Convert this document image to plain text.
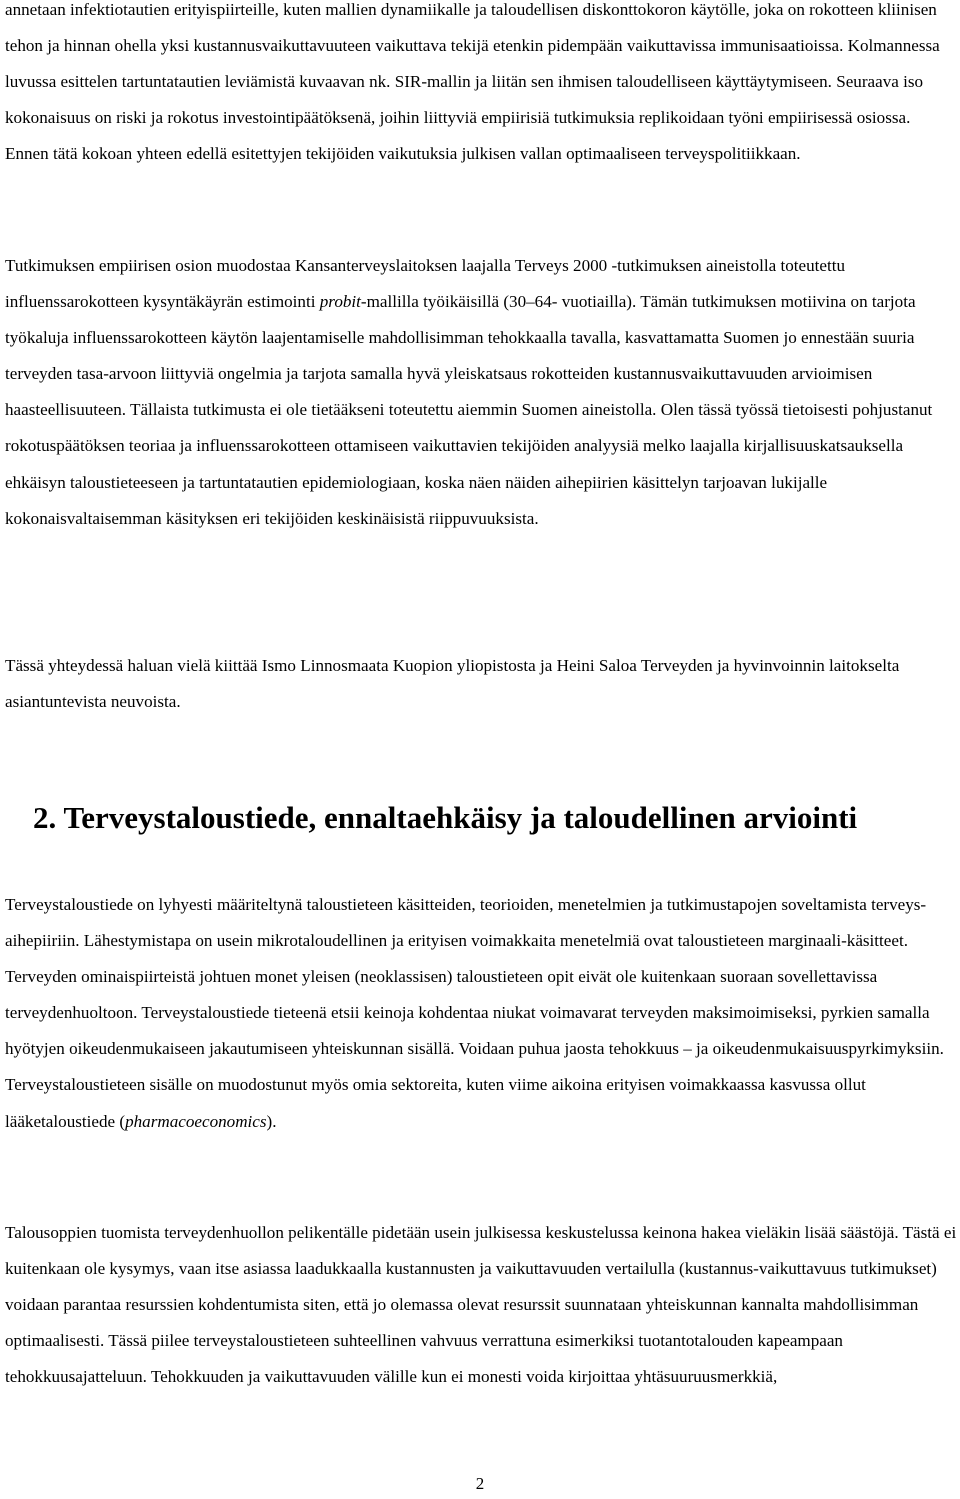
annetaan infektiotautien erityispiirteille, kuten mallien dynamiikalle ja taloudellisen diskonttokoron käytölle, joka on rokotteen kliinisen tehon ja hinnan ohella yksi kustannusvaikuttavuuteen vaikuttava tekijä etenkin pidempään vaikuttavissa immunisaatioissa. Kolmannessa luvussa esittelen tartuntatautien leviämistä kuvaavan nk. SIR-mallin ja liitän sen ihmisen taloudelliseen käyttäytymiseen. Seuraava iso kokonaisuus on riski ja rokotus investointipäätöksenä, joihin liittyviä empiirisiä tutkimuksia replikoidaan työni empiirisessä osiossa. Ennen tätä kokoan yhteen edellä esitettyjen tekijöiden vaikutuksia julkisen vallan optimaaliseen terveyspolitiikkaan.

Tutkimuksen empiirisen osion muodostaa Kansanterveyslaitoksen laajalla Terveys 2000 -tutkimuksen aineistolla toteutettu influenssarokotteen kysyntäkäyrän estimointi probit-mallilla työikäisillä (30–64- vuotiailla). Tämän tutkimuksen motiivina on tarjota työkaluja influenssarokotteen käytön laajentamiselle mahdollisimman tehokkaalla tavalla, kasvattamatta Suomen jo ennestään suuria terveyden tasa-arvoon liittyviä ongelmia ja tarjota samalla hyvä yleiskatsaus rokotteiden kustannusvaikuttavuuden arvioimisen haasteellisuuteen. Tällaista tutkimusta ei ole tietääkseni toteutettu aiemmin Suomen aineistolla. Olen tässä työssä tietoisesti pohjustanut rokotuspäätöksen teoriaa ja influenssarokotteen ottamiseen vaikuttavien tekijöiden analyysiä melko laajalla kirjallisuuskatsauksella ehkäisyn taloustieteeseen ja tartuntatautien epidemiologiaan, koska näen näiden aihepiirien käsittelyn tarjoavan lukijalle kokonaisvaltaisemman käsityksen eri tekijöiden keskinäisistä riippuvuuksista.

Tässä yhteydessä haluan vielä kiittää Ismo Linnosmaata Kuopion yliopistosta ja Heini Saloa Terveyden ja hyvinvoinnin laitokselta asiantuntevista neuvoista.

2. Terveystaloustiede, ennaltaehkäisy ja taloudellinen arviointi

Terveystaloustiede on lyhyesti määriteltynä taloustieteen käsitteiden, teorioiden, menetelmien ja tutkimustapojen soveltamista terveys-aihepiiriin. Lähestymistapa on usein mikrotaloudellinen ja erityisen voimakkaita menetelmiä ovat taloustieteen marginaali-käsitteet. Terveyden ominaispiirteistä johtuen monet yleisen (neoklassisen) taloustieteen opit eivät ole kuitenkaan suoraan sovellettavissa terveydenhuoltoon. Terveystaloustiede tieteenä etsii keinoja kohdentaa niukat voimavarat terveyden maksimoimiseksi, pyrkien samalla hyötyjen oikeudenmukaiseen jakautumiseen yhteiskunnan sisällä. Voidaan puhua jaosta tehokkuus – ja oikeudenmukaisuuspyrkimyksiin. Terveystaloustieteen sisälle on muodostunut myös omia sektoreita, kuten viime aikoina erityisen voimakkaassa kasvussa ollut lääketaloustiede (pharmacoeconomics).

Talousoppien tuomista terveydenhuollon pelikentälle pidetään usein julkisessa keskustelussa keinona hakea vieläkin lisää säästöjä. Tästä ei kuitenkaan ole kysymys, vaan itse asiassa laadukkaalla kustannusten ja vaikuttavuuden vertailulla (kustannus-vaikuttavuus tutkimukset) voidaan parantaa resurssien kohdentumista siten, että jo olemassa olevat resurssit suunnataan yhteiskunnan kannalta mahdollisimman optimaalisesti. Tässä piilee terveystaloustieteen suhteellinen vahvuus verrattuna esimerkiksi tuotantotalouden kapeampaan tehokkuusajatteluun. Tehokkuuden ja vaikuttavuuden välille kun ei monesti voida kirjoittaa yhtäsuuruusmerkkiä,

2
